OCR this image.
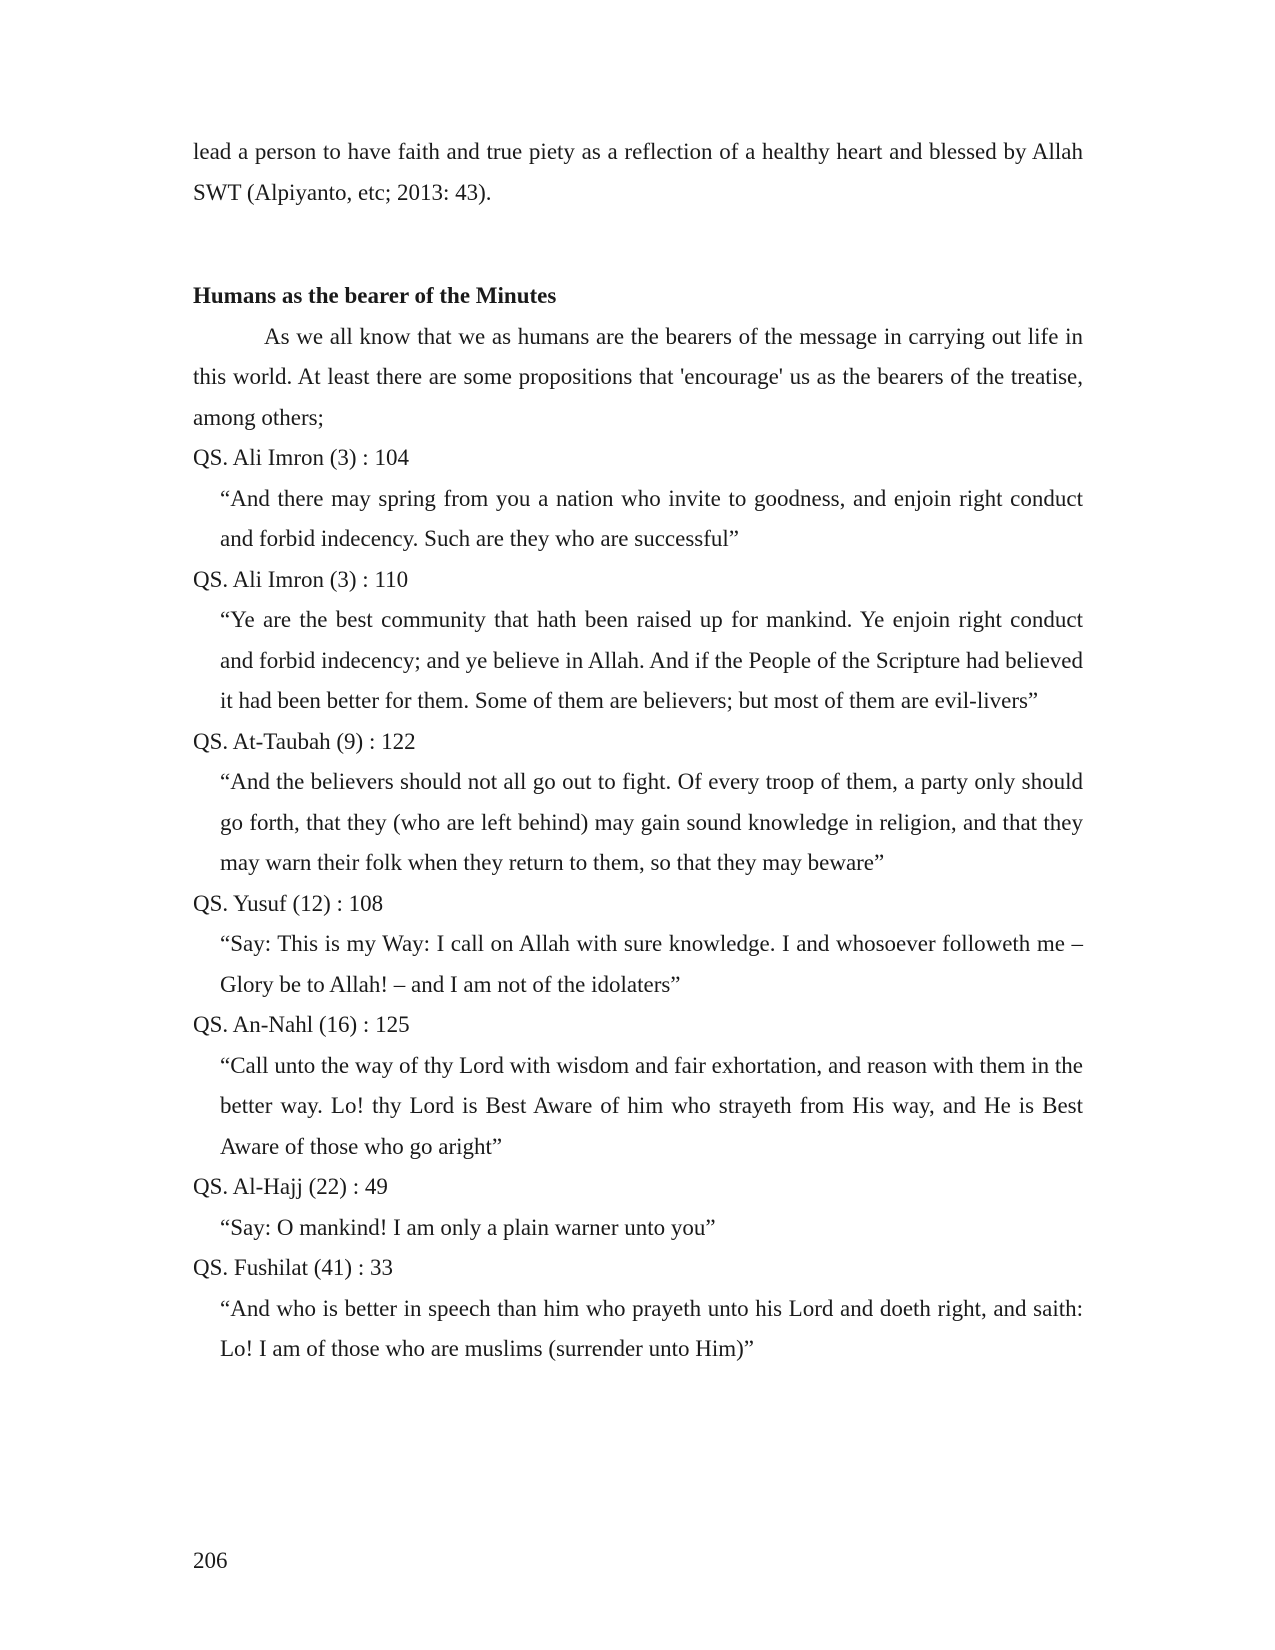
lead a person to have faith and true piety as a reflection of a healthy heart and blessed by Allah SWT (Alpiyanto, etc; 2013: 43).

Humans as the bearer of the Minutes

As we all know that we as humans are the bearers of the message in carrying out life in this world. At least there are some propositions that 'encourage' us as the bearers of the treatise, among others;

QS. Ali Imron (3) : 104

“And there may spring from you a nation who invite to goodness, and enjoin right conduct and forbid indecency. Such are they who are successful”

QS. Ali Imron (3) : 110

“Ye are the best community that hath been raised up for mankind. Ye enjoin right conduct and forbid indecency; and ye believe in Allah. And if the People of the Scripture had believed it had been better for them. Some of them are believers; but most of them are evil-livers”

QS. At-Taubah (9) : 122

“And the believers should not all go out to fight. Of every troop of them, a party only should go forth, that they (who are left behind) may gain sound knowledge in religion, and that they may warn their folk when they return to them, so that they may beware”

QS. Yusuf (12) : 108

“Say: This is my Way: I call on Allah with sure knowledge. I and whosoever followeth me – Glory be to Allah! – and I am not of the idolaters”

QS. An-Nahl (16) : 125

“Call unto the way of thy Lord with wisdom and fair exhortation, and reason with them in the better way. Lo! thy Lord is Best Aware of him who strayeth from His way, and He is Best Aware of those who go aright”

QS. Al-Hajj (22) : 49

“Say: O mankind! I am only a plain warner unto you”

QS. Fushilat (41) : 33

“And who is better in speech than him who prayeth unto his Lord and doeth right, and saith: Lo! I am of those who are muslims (surrender unto Him)”

206
